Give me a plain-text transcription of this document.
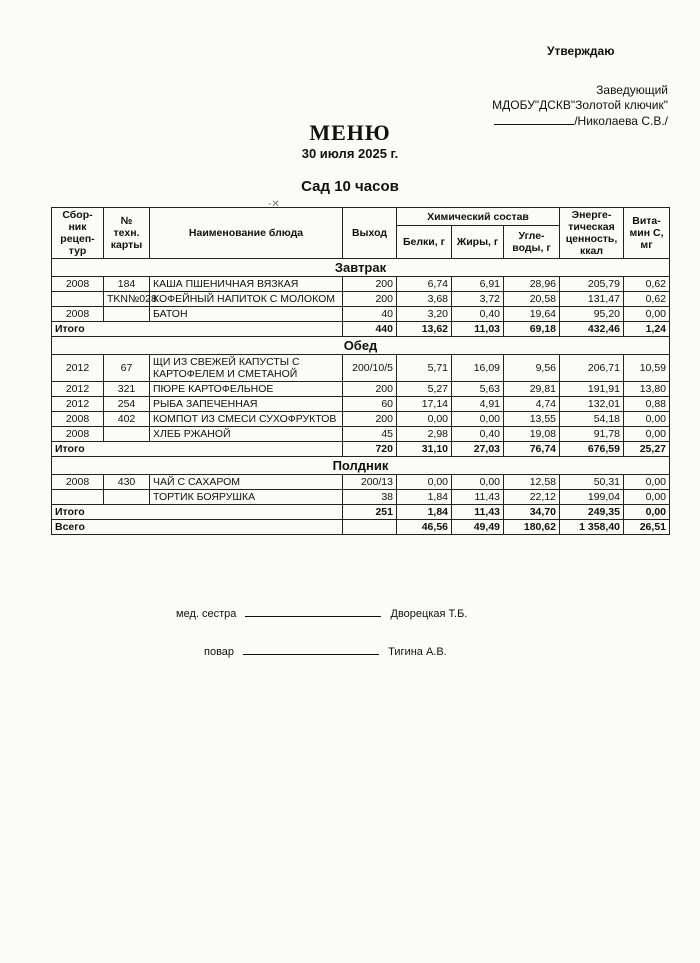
Утверждаю
Заведующий
МДОБУ"ДСКВ"Золотой ключик"
/Николаева С.В./
МЕНЮ
30 июля 2025 г.
Сад 10 часов
-✕
Сбор-ник рецеп-тур	№ техн. карты	Наименование блюда	Выход	Химический состав			Энерге-тическая ценность, ккал	Вита-мин С, мг
				Белки, г	Жиры, г	Угле-воды, г		
Завтрак								
2008	184	КАША ПШЕНИЧНАЯ ВЯЗКАЯ	200	6,74	6,91	28,96	205,79	0,62
	TKN№028	КОФЕЙНЫЙ НАПИТОК С МОЛОКОМ	200	3,68	3,72	20,58	131,47	0,62
2008		БАТОН	40	3,20	0,40	19,64	95,20	0,00
Итого			440	13,62	11,03	69,18	432,46	1,24
Обед								
2012	67	ЩИ ИЗ СВЕЖЕЙ КАПУСТЫ С КАРТОФЕЛЕМ И СМЕТАНОЙ	200/10/5	5,71	16,09	9,56	206,71	10,59
2012	321	ПЮРЕ КАРТОФЕЛЬНОЕ	200	5,27	5,63	29,81	191,91	13,80
2012	254	РЫБА ЗАПЕЧЕННАЯ	60	17,14	4,91	4,74	132,01	0,88
2008	402	КОМПОТ ИЗ СМЕСИ СУХОФРУКТОВ	200	0,00	0,00	13,55	54,18	0,00
2008		ХЛЕБ РЖАНОЙ	45	2,98	0,40	19,08	91,78	0,00
Итого			720	31,10	27,03	76,74	676,59	25,27
Полдник								
2008	430	ЧАЙ С САХАРОМ	200/13	0,00	0,00	12,58	50,31	0,00
		ТОРТИК БОЯРУШКА	38	1,84	11,43	22,12	199,04	0,00
Итого			251	1,84	11,43	34,70	249,35	0,00
Всего				46,56	49,49	180,62	1 358,40	26,51
мед. сестра	Дворецкая Т.Б.
повар	Тигина А.В.
